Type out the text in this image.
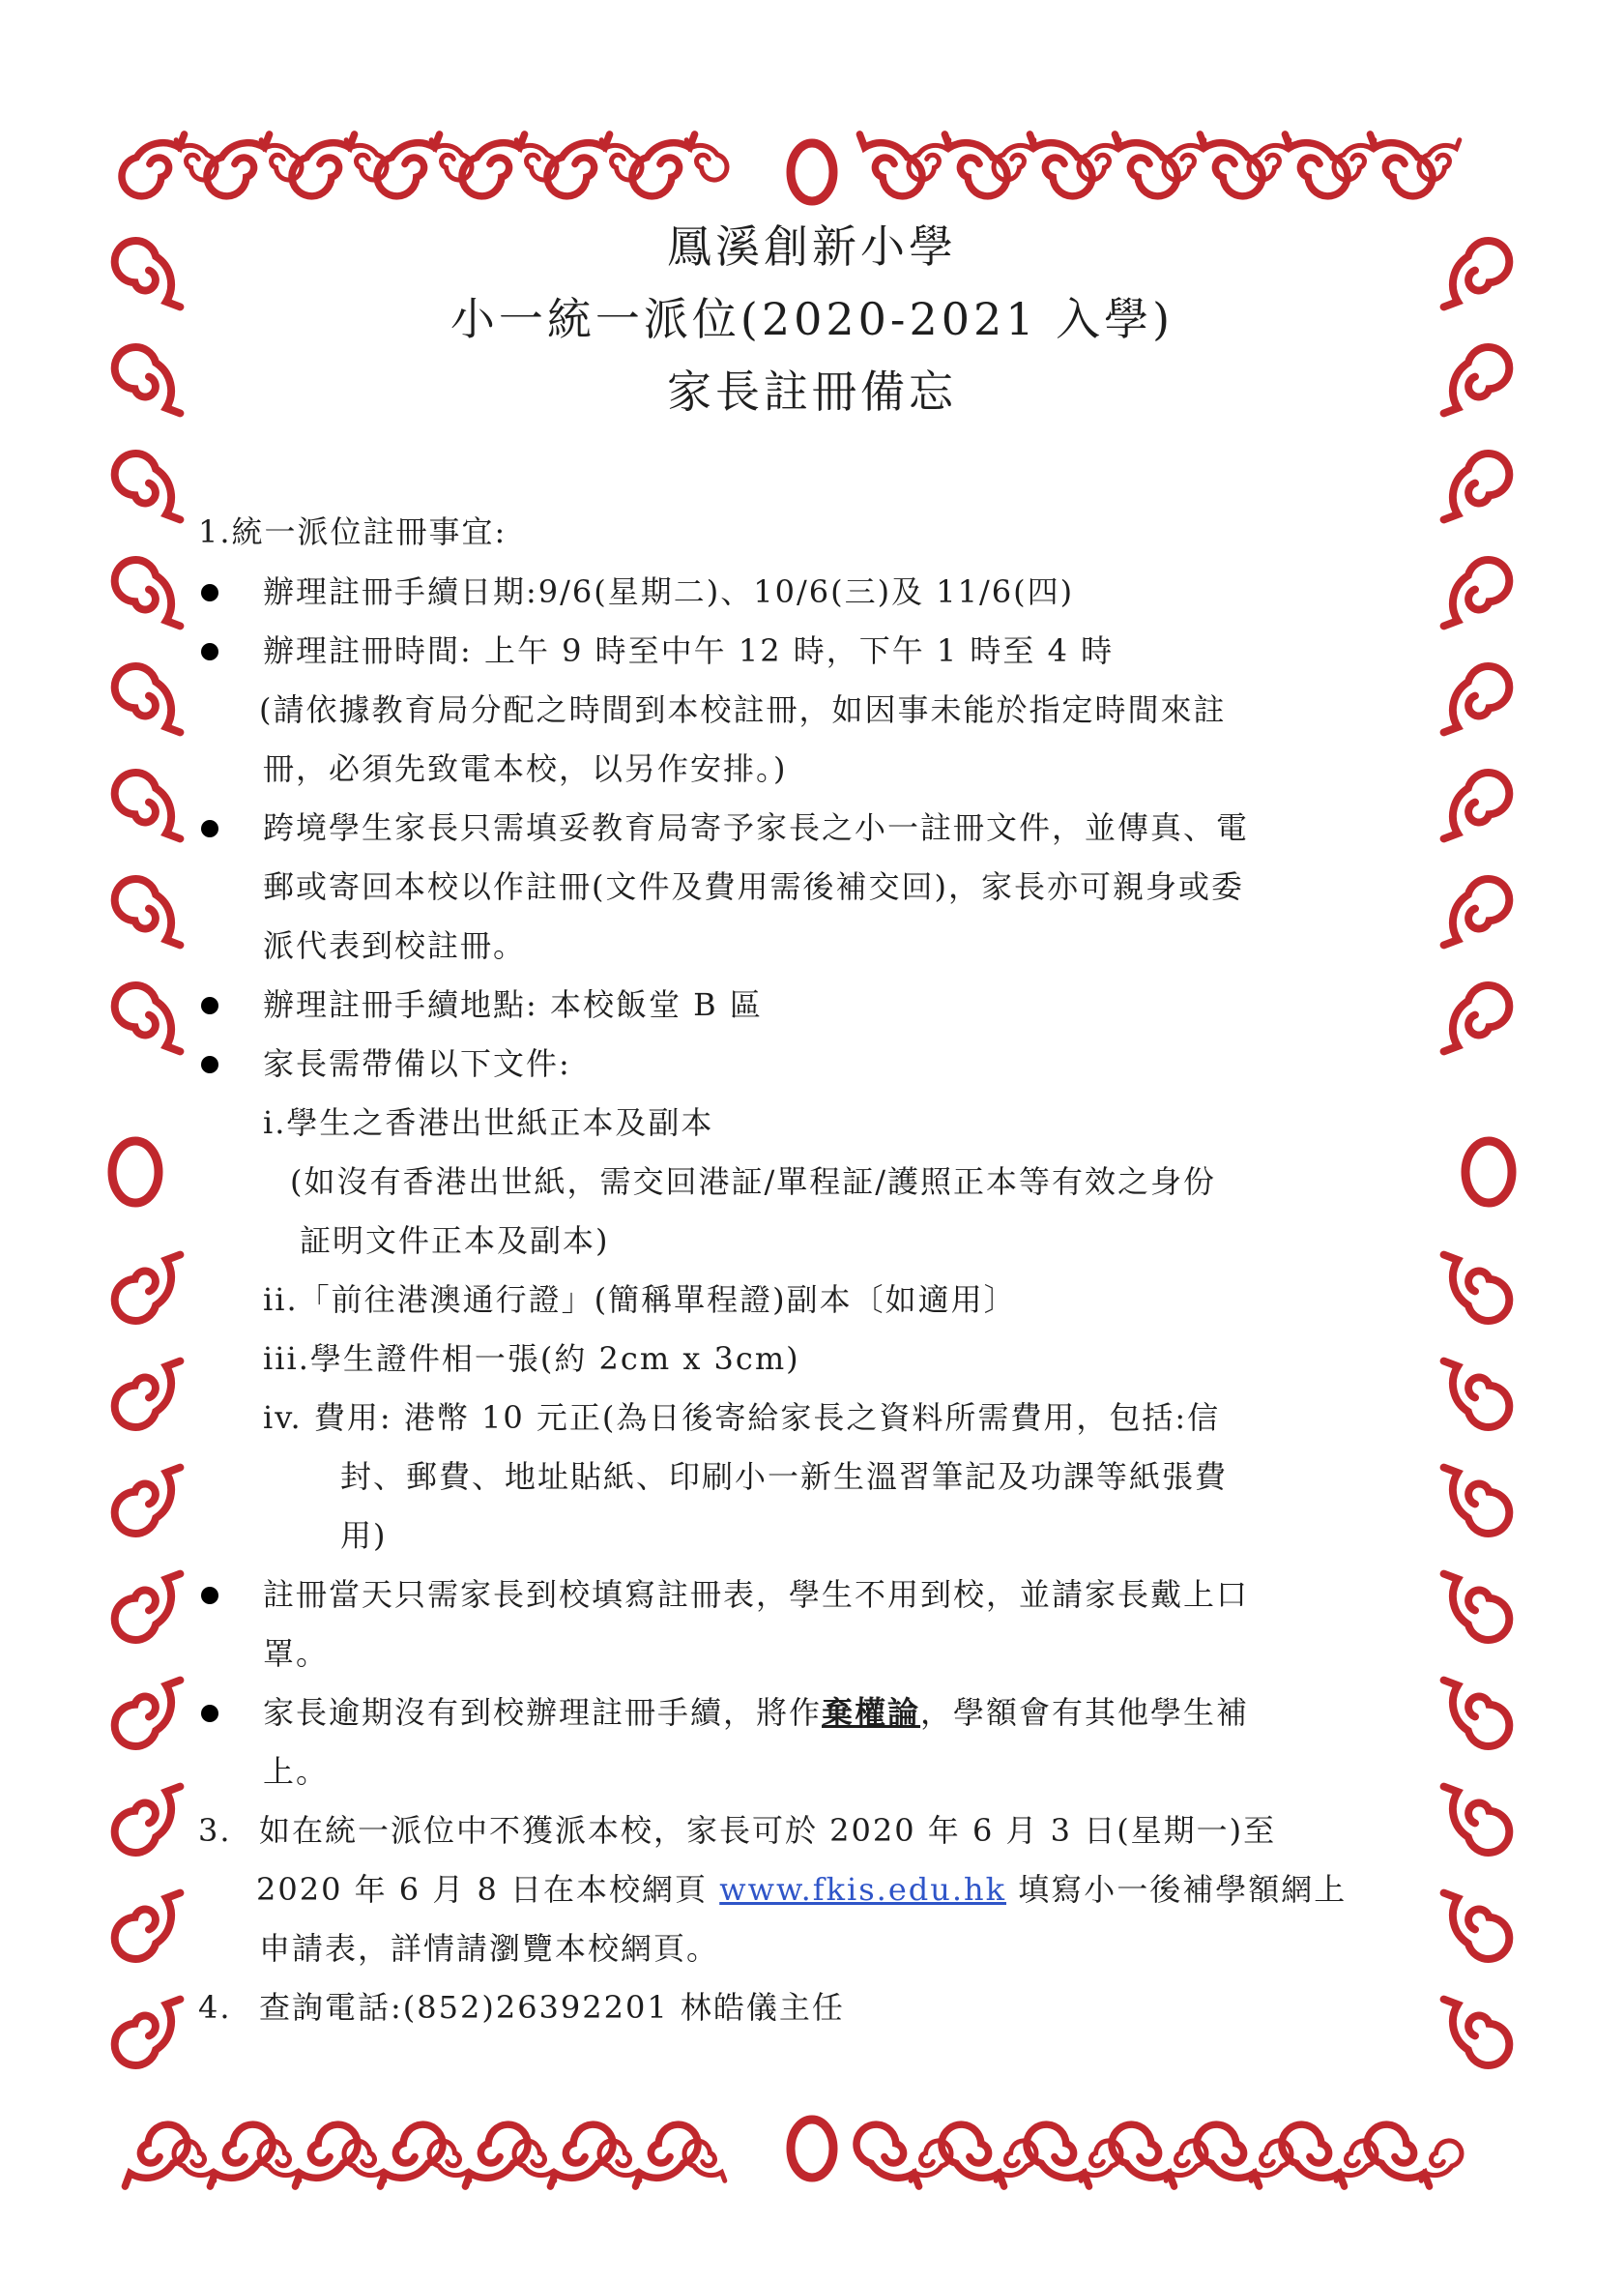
鳳溪創新小學
小一統一派位(2020-2021 入學)
家長註冊備忘
1.統一派位註冊事宜:
辦理註冊手續日期:9/6(星期二)、10/6(三)及 11/6(四)
辦理註冊時間: 上午 9 時至中午 12 時，下午 1 時至 4 時
(請依據教育局分配之時間到本校註冊，如因事未能於指定時間來註
冊，必須先致電本校，以另作安排。)
跨境學生家長只需填妥教育局寄予家長之小一註冊文件，並傳真、電
郵或寄回本校以作註冊(文件及費用需後補交回)，家長亦可親身或委
派代表到校註冊。
辦理註冊手續地點: 本校飯堂 B 區
家長需帶備以下文件:
i.學生之香港出世紙正本及副本
(如沒有香港出世紙，需交回港証/單程証/護照正本等有效之身份
証明文件正本及副本)
ii.「前往港澳通行證」(簡稱單程證)副本〔如適用〕
iii.學生證件相一張(約 2cm x 3cm)
iv. 費用: 港幣 10 元正(為日後寄給家長之資料所需費用，包括:信
封、郵費、地址貼紙、印刷小一新生溫習筆記及功課等紙張費
用)
註冊當天只需家長到校填寫註冊表，學生不用到校，並請家長戴上口
罩。
家長逾期沒有到校辦理註冊手續，將作棄權論，學額會有其他學生補
上。
3. 如在統一派位中不獲派本校，家長可於 2020 年 6 月 3 日(星期一)至
2020 年 6 月 8 日在本校網頁 www.fkis.edu.hk 填寫小一後補學額網上
申請表，詳情請瀏覽本校網頁。
4. 查詢電話:(852)26392201 林皓儀主任
